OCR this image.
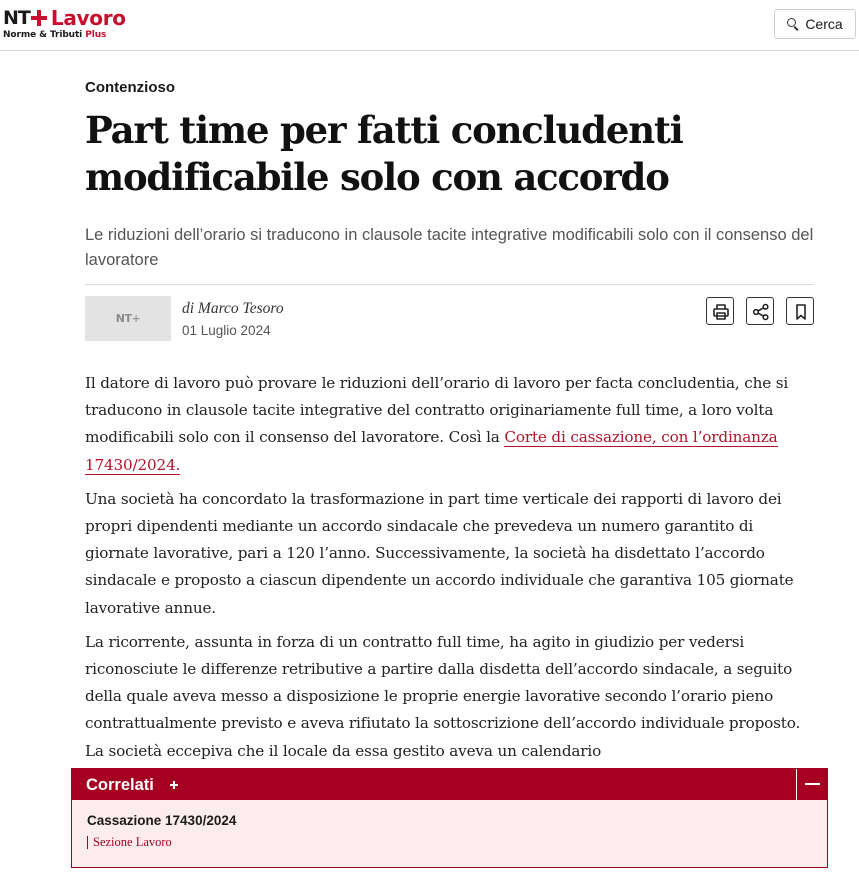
NT Lavoro
Norme & Tributi Plus
Cerca
Contenzioso
Part time per fatti concludenti modificabile solo con accordo
Le riduzioni dell’orario si traducono in clausole tacite integrative modificabili solo con il consenso del lavoratore
NT+
di Marco Tesoro
01 Luglio 2024

Il datore di lavoro può provare le riduzioni dell’orario di lavoro per facta concludentia, che si traducono in clausole tacite integrative del contratto originariamente full time, a loro volta modificabili solo con il consenso del lavoratore. Così la Corte di cassazione, con l’ordinanza 17430/2024.

Una società ha concordato la trasformazione in part time verticale dei rapporti di lavoro dei propri dipendenti mediante un accordo sindacale che prevedeva un numero garantito di giornate lavorative, pari a 120 l’anno. Successivamente, la società ha disdettato l’accordo sindacale e proposto a ciascun dipendente un accordo individuale che garantiva 105 giornate lavorative annue.

La ricorrente, assunta in forza di un contratto full time, ha agito in giudizio per vedersi riconosciute le differenze retributive a partire dalla disdetta dell’accordo sindacale, a seguito della quale aveva messo a disposizione le proprie energie lavorative secondo l’orario pieno contrattualmente previsto e aveva rifiutato la sottoscrizione dell’accordo individuale proposto. La società eccepiva che il locale da essa gestito aveva un calendario

Correlati
Cassazione 17430/2024
Sezione Lavoro
